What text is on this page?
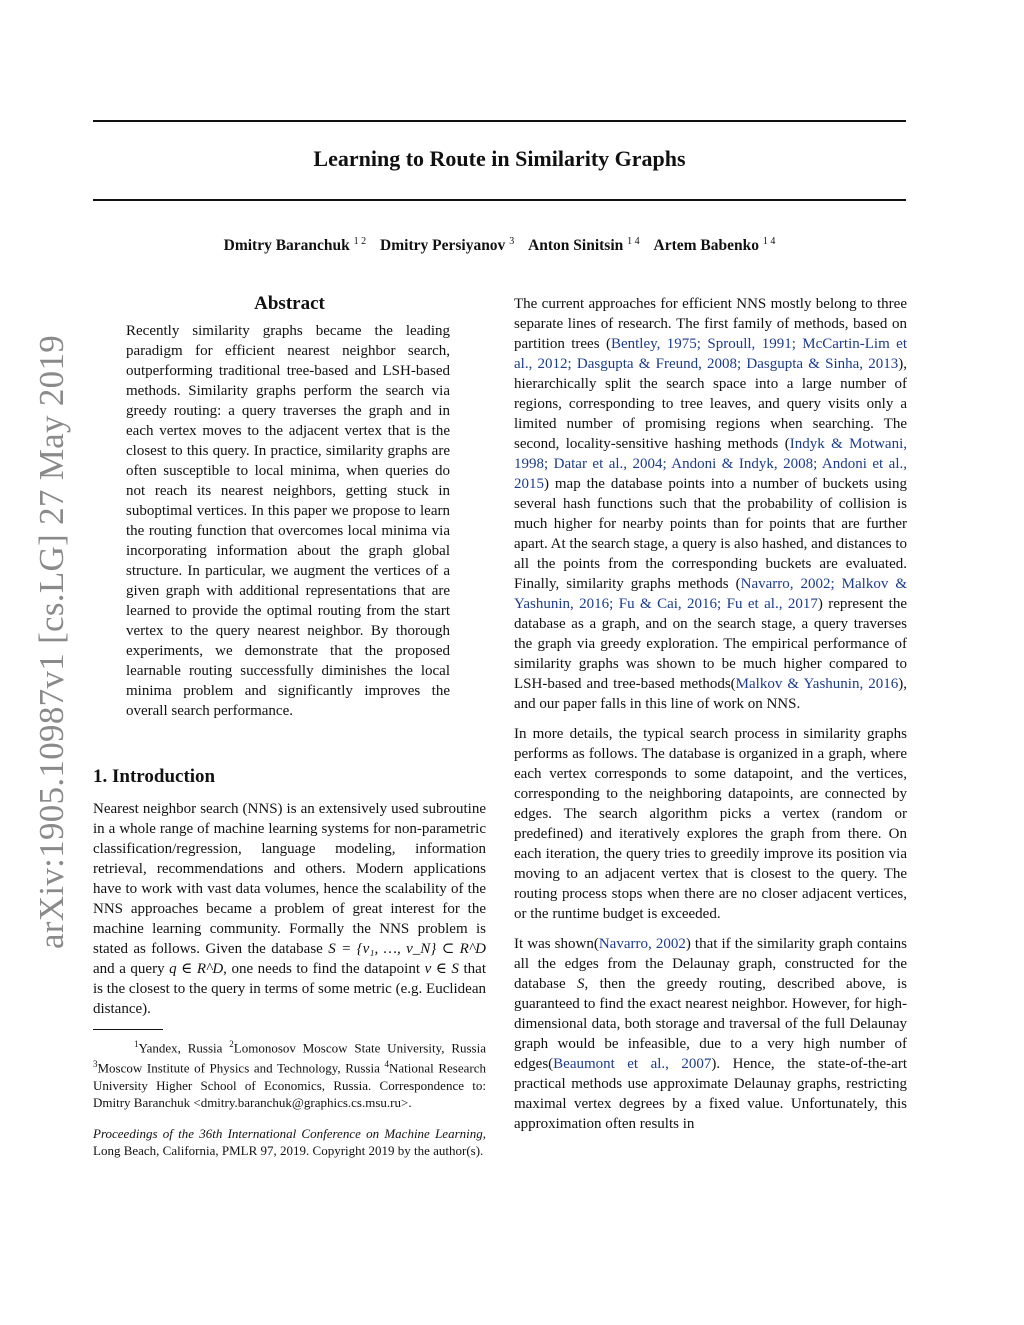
arXiv:1905.10987v1 [cs.LG] 27 May 2019
Learning to Route in Similarity Graphs
Dmitry Baranchuk $^{1 2}$ Dmitry Persiyanov $^3$ Anton Sinitsin $^{1 4}$ Artem Babenko $^{1 4}$
Abstract

Recently similarity graphs became the leading paradigm for efficient nearest neighbor search, outperforming traditional tree-based and LSH-based methods. Similarity graphs perform the search via greedy routing: a query traverses the graph and in each vertex moves to the adjacent vertex that is the closest to this query. In practice, similarity graphs are often susceptible to local minima, when queries do not reach its nearest neighbors, getting stuck in suboptimal vertices. In this paper we propose to learn the routing function that overcomes local minima via incorporating information about the graph global structure. In particular, we augment the vertices of a given graph with additional representations that are learned to provide the optimal routing from the start vertex to the query nearest neighbor. By thorough experiments, we demonstrate that the proposed learnable routing successfully diminishes the local minima problem and significantly improves the overall search performance.

1. Introduction

Nearest neighbor search (NNS) is an extensively used subroutine in a whole range of machine learning systems for non-parametric classification/regression, language modeling, information retrieval, recommendations and others. Modern applications have to work with vast data volumes, hence the scalability of the NNS approaches became a problem of great interest for the machine learning community. Formally the NNS problem is stated as follows. Given the database S = {v₁, …, v_N} ⊂ R^D and a query q ∈ R^D, one needs to find the datapoint v ∈ S that is the closest to the query in terms of some metric (e.g. Euclidean distance).

$^1$Yandex, Russia $^2$Lomonosov Moscow State University, Russia $^3$Moscow Institute of Physics and Technology, Russia $^4$National Research University Higher School of Economics, Russia. Correspondence to: Dmitry Baranchuk <dmitry.baranchuk@graphics.cs.msu.ru>.

Proceedings of the 36th International Conference on Machine Learning, Long Beach, California, PMLR 97, 2019. Copyright 2019 by the author(s).

The current approaches for efficient NNS mostly belong to three separate lines of research. The first family of methods, based on partition trees (Bentley, 1975; Sproull, 1991; McCartin-Lim et al., 2012; Dasgupta & Freund, 2008; Dasgupta & Sinha, 2013), hierarchically split the search space into a large number of regions, corresponding to tree leaves, and query visits only a limited number of promising regions when searching. The second, locality-sensitive hashing methods (Indyk & Motwani, 1998; Datar et al., 2004; Andoni & Indyk, 2008; Andoni et al., 2015) map the database points into a number of buckets using several hash functions such that the probability of collision is much higher for nearby points than for points that are further apart. At the search stage, a query is also hashed, and distances to all the points from the corresponding buckets are evaluated. Finally, similarity graphs methods (Navarro, 2002; Malkov & Yashunin, 2016; Fu & Cai, 2016; Fu et al., 2017) represent the database as a graph, and on the search stage, a query traverses the graph via greedy exploration. The empirical performance of similarity graphs was shown to be much higher compared to LSH-based and tree-based methods(Malkov & Yashunin, 2016), and our paper falls in this line of work on NNS.

In more details, the typical search process in similarity graphs performs as follows. The database is organized in a graph, where each vertex corresponds to some datapoint, and the vertices, corresponding to the neighboring datapoints, are connected by edges. The search algorithm picks a vertex (random or predefined) and iteratively explores the graph from there. On each iteration, the query tries to greedily improve its position via moving to an adjacent vertex that is closest to the query. The routing process stops when there are no closer adjacent vertices, or the runtime budget is exceeded.

It was shown(Navarro, 2002) that if the similarity graph contains all the edges from the Delaunay graph, constructed for the database S, then the greedy routing, described above, is guaranteed to find the exact nearest neighbor. However, for high-dimensional data, both storage and traversal of the full Delaunay graph would be infeasible, due to a very high number of edges(Beaumont et al., 2007). Hence, the state-of-the-art practical methods use approximate Delaunay graphs, restricting maximal vertex degrees by a fixed value. Unfortunately, this approximation often results in
